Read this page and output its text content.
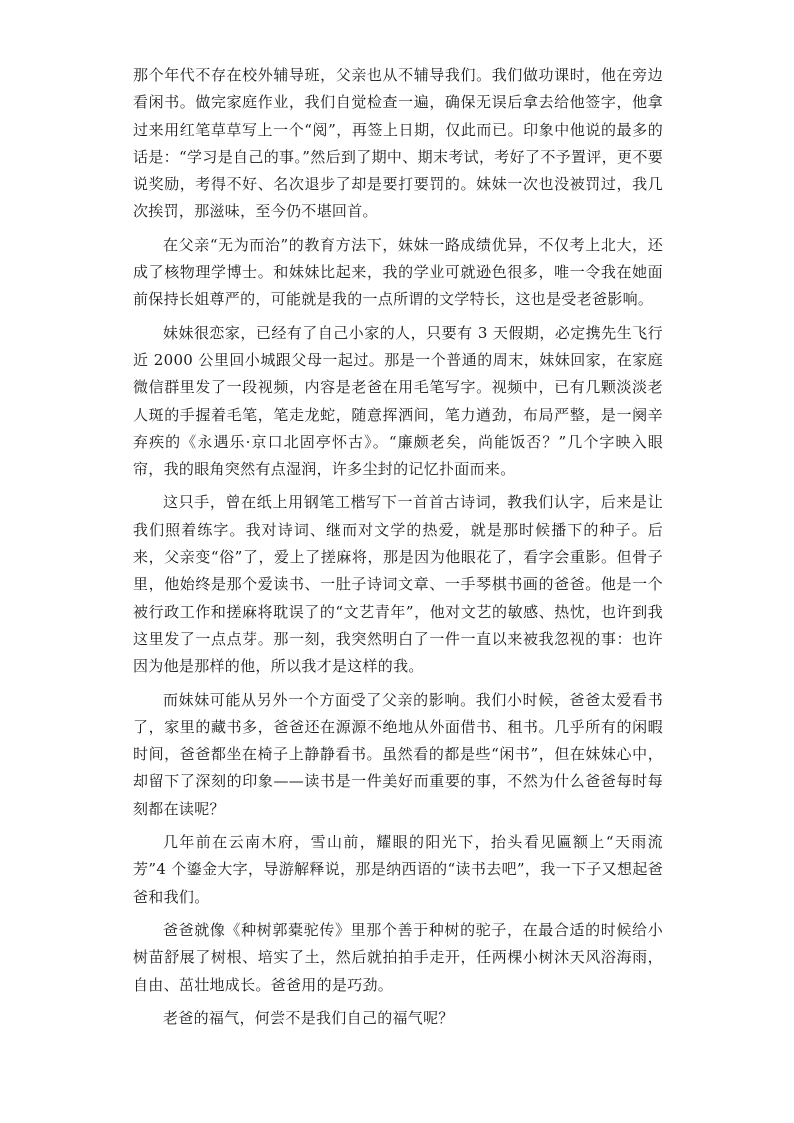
那个年代不存在校外辅导班，父亲也从不辅导我们。我们做功课时，他在旁边看闲书。做完家庭作业，我们自觉检查一遍，确保无误后拿去给他签字，他拿过来用红笔草草写上一个“阅”，再签上日期，仅此而已。印象中他说的最多的话是：“学习是自己的事。”然后到了期中、期末考试，考好了不予置评，更不要说奖励，考得不好、名次退步了却是要打要罚的。妹妹一次也没被罚过，我几次挨罚，那滋味，至今仍不堪回首。

在父亲“无为而治”的教育方法下，妹妹一路成绩优异，不仅考上北大，还成了核物理学博士。和妹妹比起来，我的学业可就逊色很多，唯一令我在她面前保持长姐尊严的，可能就是我的一点所谓的文学特长，这也是受老爸影响。

妹妹很恋家，已经有了自己小家的人，只要有 3 天假期，必定携先生飞行近 2000 公里回小城跟父母一起过。那是一个普通的周末，妹妹回家，在家庭微信群里发了一段视频，内容是老爸在用毛笔写字。视频中，已有几颗淡淡老人斑的手握着毛笔，笔走龙蛇，随意挥洒间，笔力遒劲，布局严整，是一阕辛弃疾的《永遇乐·京口北固亭怀古》。“廉颇老矣，尚能饭否？”几个字映入眼帘，我的眼角突然有点湿润，许多尘封的记忆扑面而来。

这只手，曾在纸上用钢笔工楷写下一首首古诗词，教我们认字，后来是让我们照着练字。我对诗词、继而对文学的热爱，就是那时候播下的种子。后来，父亲变“俗”了，爱上了搓麻将，那是因为他眼花了，看字会重影。但骨子里，他始终是那个爱读书、一肚子诗词文章、一手琴棋书画的爸爸。他是一个被行政工作和搓麻将耽误了的“文艺青年”，他对文艺的敏感、热忱，也许到我这里发了一点点芽。那一刻，我突然明白了一件一直以来被我忽视的事：也许因为他是那样的他，所以我才是这样的我。

而妹妹可能从另外一个方面受了父亲的影响。我们小时候，爸爸太爱看书了，家里的藏书多，爸爸还在源源不绝地从外面借书、租书。几乎所有的闲暇时间，爸爸都坐在椅子上静静看书。虽然看的都是些“闲书”，但在妹妹心中，却留下了深刻的印象——读书是一件美好而重要的事，不然为什么爸爸每时每刻都在读呢？

几年前在云南木府，雪山前，耀眼的阳光下，抬头看见匾额上“天雨流芳”4 个鎏金大字，导游解释说，那是纳西语的“读书去吧”，我一下子又想起爸爸和我们。

爸爸就像《种树郭橐驼传》里那个善于种树的驼子，在最合适的时候给小树苗舒展了树根、培实了土，然后就拍拍手走开，任两棵小树沐天风浴海雨，自由、茁壮地成长。爸爸用的是巧劲。

老爸的福气，何尝不是我们自己的福气呢？
